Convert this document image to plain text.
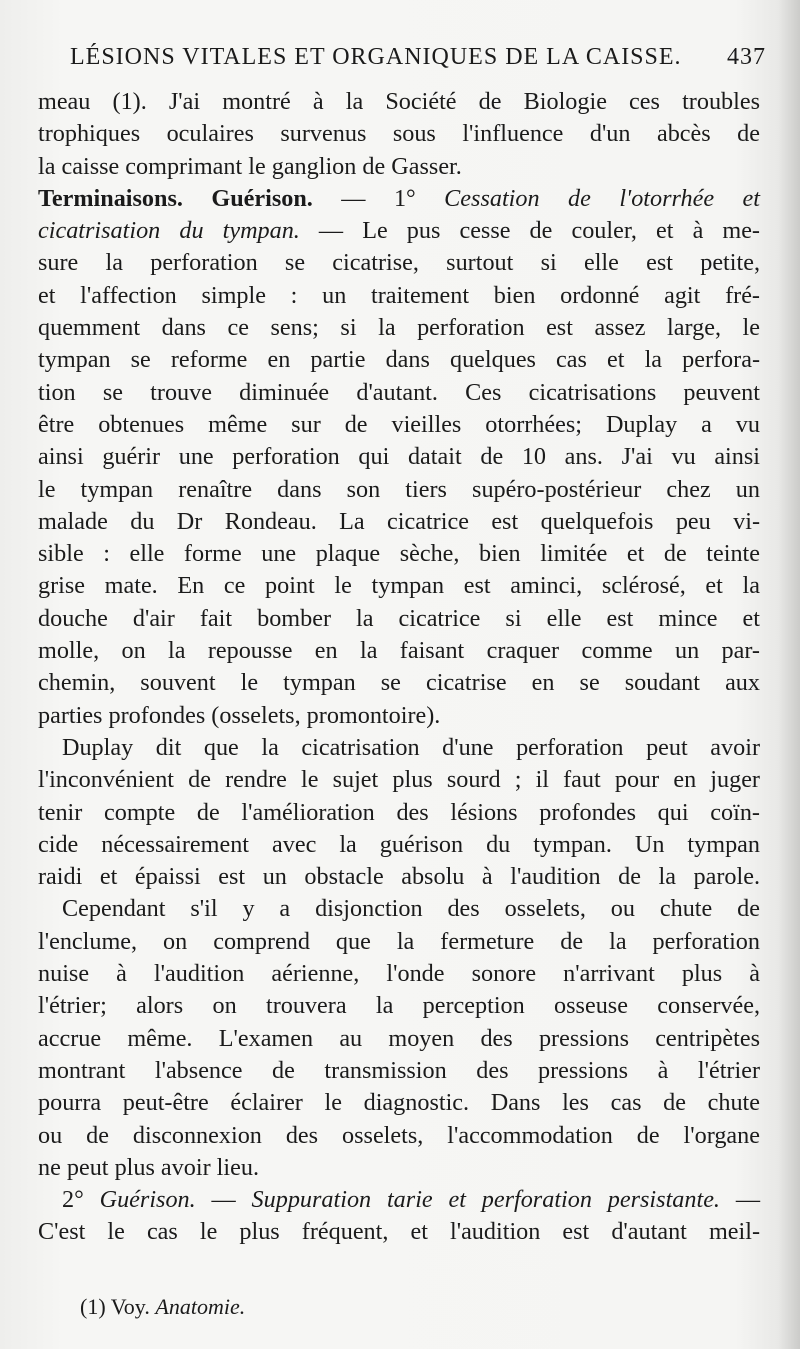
LÉSIONS VITALES ET ORGANIQUES DE LA CAISSE. 437
meau (1). J'ai montré à la Société de Biologie ces troubles
trophiques oculaires survenus sous l'influence d'un abcès de
la caisse comprimant le ganglion de Gasser.
Terminaisons. Guérison. — 1° Cessation de l'otorrhée et
cicatrisation du tympan. — Le pus cesse de couler, et à me-
sure la perforation se cicatrise, surtout si elle est petite,
et l'affection simple : un traitement bien ordonné agit fré-
quemment dans ce sens; si la perforation est assez large, le
tympan se reforme en partie dans quelques cas et la perfora-
tion se trouve diminuée d'autant. Ces cicatrisations peuvent
être obtenues même sur de vieilles otorrhées; Duplay a vu
ainsi guérir une perforation qui datait de 10 ans. J'ai vu ainsi
le tympan renaître dans son tiers supéro-postérieur chez un
malade du Dr Rondeau. La cicatrice est quelquefois peu vi-
sible : elle forme une plaque sèche, bien limitée et de teinte
grise mate. En ce point le tympan est aminci, sclérosé, et la
douche d'air fait bomber la cicatrice si elle est mince et
molle, on la repousse en la faisant craquer comme un par-
chemin, souvent le tympan se cicatrise en se soudant aux
parties profondes (osselets, promontoire).
Duplay dit que la cicatrisation d'une perforation peut avoir
l'inconvénient de rendre le sujet plus sourd ; il faut pour en juger
tenir compte de l'amélioration des lésions profondes qui coïn-
cide nécessairement avec la guérison du tympan. Un tympan
raidi et épaissi est un obstacle absolu à l'audition de la parole.
Cependant s'il y a disjonction des osselets, ou chute de
l'enclume, on comprend que la fermeture de la perforation
nuise à l'audition aérienne, l'onde sonore n'arrivant plus à
l'étrier; alors on trouvera la perception osseuse conservée,
accrue même. L'examen au moyen des pressions centripètes
montrant l'absence de transmission des pressions à l'étrier
pourra peut-être éclairer le diagnostic. Dans les cas de chute
ou de disconnexion des osselets, l'accommodation de l'organe
ne peut plus avoir lieu.
2° Guérison. — Suppuration tarie et perforation persistante. —
C'est le cas le plus fréquent, et l'audition est d'autant meil-
(1) Voy. Anatomie.
